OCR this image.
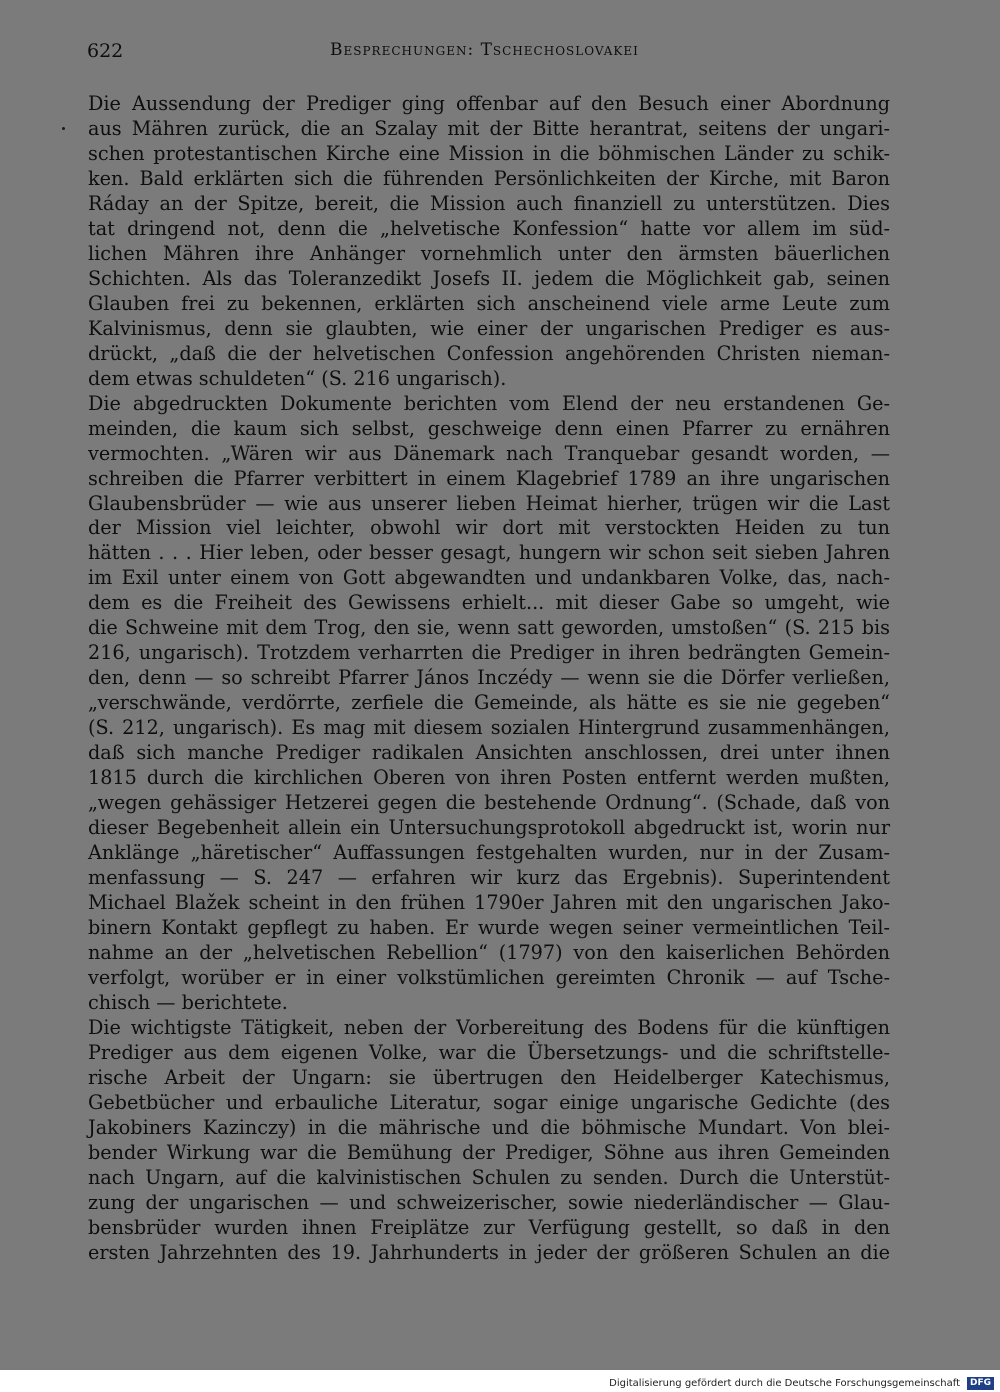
622	Besprechungen: Tschechoslovakei
Die Aussendung der Prediger ging offenbar auf den Besuch einer Abordnung
aus Mähren zurück, die an Szalay mit der Bitte herantrat, seitens der ungari-
schen protestantischen Kirche eine Mission in die böhmischen Länder zu schik-
ken. Bald erklärten sich die führenden Persönlichkeiten der Kirche, mit Baron
Ráday an der Spitze, bereit, die Mission auch finanziell zu unterstützen. Dies
tat dringend not, denn die „helvetische Konfession“ hatte vor allem im süd-
lichen Mähren ihre Anhänger vornehmlich unter den ärmsten bäuerlichen
Schichten. Als das Toleranzedikt Josefs II. jedem die Möglichkeit gab, seinen
Glauben frei zu bekennen, erklärten sich anscheinend viele arme Leute zum
Kalvinismus, denn sie glaubten, wie einer der ungarischen Prediger es aus-
drückt, „daß die der helvetischen Confession angehörenden Christen nieman-
dem etwas schuldeten“ (S. 216 ungarisch).
Die abgedruckten Dokumente berichten vom Elend der neu erstandenen Ge-
meinden, die kaum sich selbst, geschweige denn einen Pfarrer zu ernähren
vermochten. „Wären wir aus Dänemark nach Tranquebar gesandt worden, —
schreiben die Pfarrer verbittert in einem Klagebrief 1789 an ihre ungarischen
Glaubensbrüder — wie aus unserer lieben Heimat hierher, trügen wir die Last
der Mission viel leichter, obwohl wir dort mit verstockten Heiden zu tun
hätten . . . Hier leben, oder besser gesagt, hungern wir schon seit sieben Jahren
im Exil unter einem von Gott abgewandten und undankbaren Volke, das, nach-
dem es die Freiheit des Gewissens erhielt... mit dieser Gabe so umgeht, wie
die Schweine mit dem Trog, den sie, wenn satt geworden, umstoßen“ (S. 215 bis
216, ungarisch). Trotzdem verharrten die Prediger in ihren bedrängten Gemein-
den, denn — so schreibt Pfarrer János Inczédy — wenn sie die Dörfer verließen,
„verschwände, verdörrte, zerfiele die Gemeinde, als hätte es sie nie gegeben“
(S. 212, ungarisch). Es mag mit diesem sozialen Hintergrund zusammenhängen,
daß sich manche Prediger radikalen Ansichten anschlossen, drei unter ihnen
1815 durch die kirchlichen Oberen von ihren Posten entfernt werden mußten,
„wegen gehässiger Hetzerei gegen die bestehende Ordnung“. (Schade, daß von
dieser Begebenheit allein ein Untersuchungsprotokoll abgedruckt ist, worin nur
Anklänge „häretischer“ Auffassungen festgehalten wurden, nur in der Zusam-
menfassung — S. 247 — erfahren wir kurz das Ergebnis). Superintendent
Michael Blažek scheint in den frühen 1790er Jahren mit den ungarischen Jako-
binern Kontakt gepflegt zu haben. Er wurde wegen seiner vermeintlichen Teil-
nahme an der „helvetischen Rebellion“ (1797) von den kaiserlichen Behörden
verfolgt, worüber er in einer volkstümlichen gereimten Chronik — auf Tsche-
chisch — berichtete.
Die wichtigste Tätigkeit, neben der Vorbereitung des Bodens für die künftigen
Prediger aus dem eigenen Volke, war die Übersetzungs- und die schriftstelle-
rische Arbeit der Ungarn: sie übertrugen den Heidelberger Katechismus,
Gebetbücher und erbauliche Literatur, sogar einige ungarische Gedichte (des
Jakobiners Kazinczy) in die mährische und die böhmische Mundart. Von blei-
bender Wirkung war die Bemühung der Prediger, Söhne aus ihren Gemeinden
nach Ungarn, auf die kalvinistischen Schulen zu senden. Durch die Unterstüt-
zung der ungarischen — und schweizerischer, sowie niederländischer — Glau-
bensbrüder wurden ihnen Freiplätze zur Verfügung gestellt, so daß in den
ersten Jahrzehnten des 19. Jahrhunderts in jeder der größeren Schulen an die
Digitalisierung gefördert durch die Deutsche Forschungsgemeinschaft	DFG
